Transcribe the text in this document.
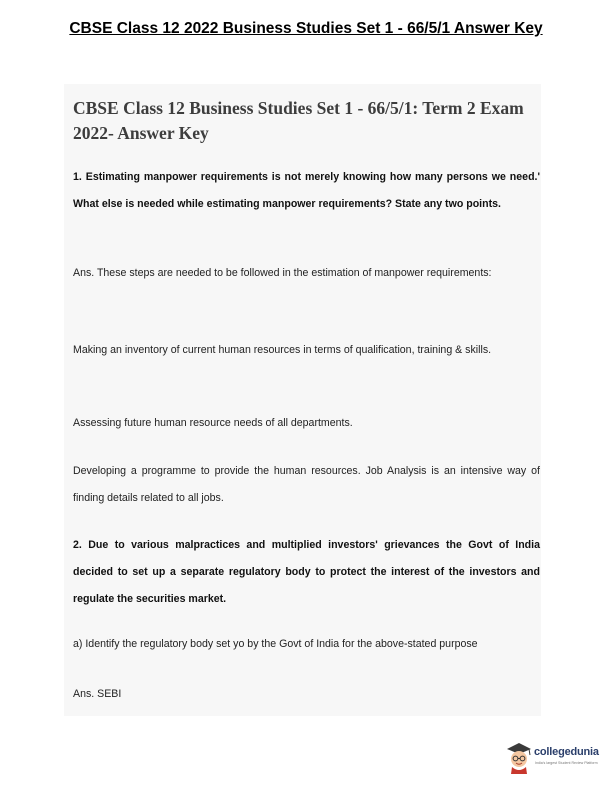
CBSE Class 12 2022 Business Studies Set 1 - 66/5/1 Answer Key
CBSE Class 12 Business Studies Set 1 - 66/5/1: Term 2 Exam 2022- Answer Key

1. Estimating manpower requirements is not merely knowing how many persons we need.' What else is needed while estimating manpower requirements? State any two points.

Ans. These steps are needed to be followed in the estimation of manpower requirements:

Making an inventory of current human resources in terms of qualification, training & skills.

Assessing future human resource needs of all departments.

Developing a programme to provide the human resources. Job Analysis is an intensive way of finding details related to all jobs.

2. Due to various malpractices and multiplied investors' grievances the Govt of India decided to set up a separate regulatory body to protect the interest of the investors and regulate the securities market.

a) Identify the regulatory body set yo by the Govt of India for the above-stated purpose

Ans. SEBI

collegedunia
India's largest Student Review Platform
